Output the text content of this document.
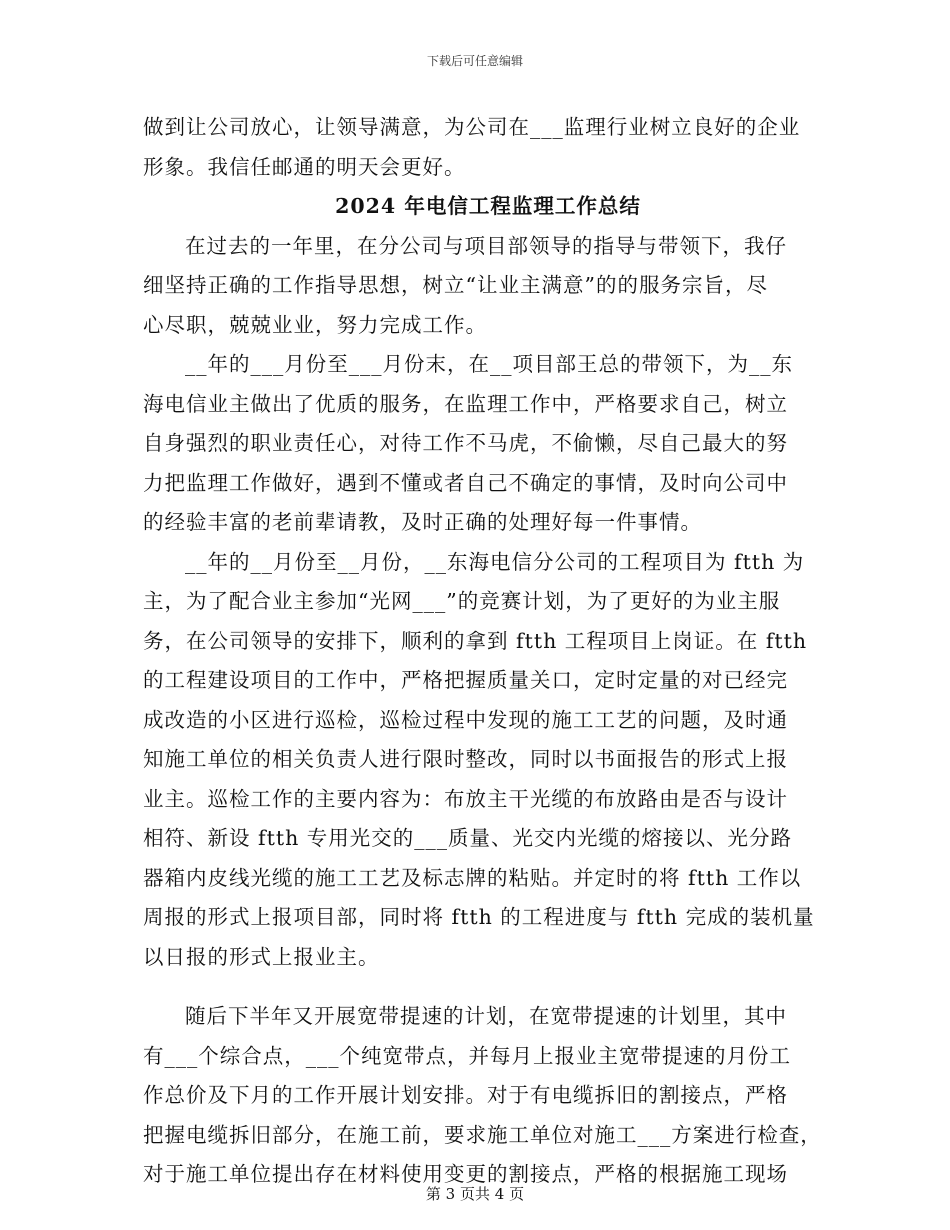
下载后可任意编辑
做到让公司放心，让领导满意，为公司在___监理行业树立良好的企业
形象。我信任邮通的明天会更好。
2024 年电信工程监理工作总结
在过去的一年里，在分公司与项目部领导的指导与带领下，我仔
细坚持正确的工作指导思想，树立“让业主满意”的的服务宗旨，尽
心尽职，兢兢业业，努力完成工作。
__年的___月份至___月份末，在__项目部王总的带领下，为__东
海电信业主做出了优质的服务，在监理工作中，严格要求自己，树立
自身强烈的职业责任心，对待工作不马虎，不偷懒，尽自己最大的努
力把监理工作做好，遇到不懂或者自己不确定的事情，及时向公司中
的经验丰富的老前辈请教，及时正确的处理好每一件事情。
__年的__月份至__月份，__东海电信分公司的工程项目为 ftth 为
主，为了配合业主参加“光网___”的竞赛计划，为了更好的为业主服
务，在公司领导的安排下，顺利的拿到 ftth 工程项目上岗证。在 ftth
的工程建设项目的工作中，严格把握质量关口，定时定量的对已经完
成改造的小区进行巡检，巡检过程中发现的施工工艺的问题，及时通
知施工单位的相关负责人进行限时整改，同时以书面报告的形式上报
业主。巡检工作的主要内容为：布放主干光缆的布放路由是否与设计
相符、新设 ftth 专用光交的___质量、光交内光缆的熔接以、光分路
器箱内皮线光缆的施工工艺及标志牌的粘贴。并定时的将 ftth 工作以
周报的形式上报项目部，同时将 ftth 的工程进度与 ftth 完成的装机量
以日报的形式上报业主。
随后下半年又开展宽带提速的计划，在宽带提速的计划里，其中
有___个综合点，___个纯宽带点，并每月上报业主宽带提速的月份工
作总价及下月的工作开展计划安排。对于有电缆拆旧的割接点，严格
把握电缆拆旧部分，在施工前，要求施工单位对施工___方案进行检查，
对于施工单位提出存在材料使用变更的割接点，严格的根据施工现场
第 3 页共 4 页
